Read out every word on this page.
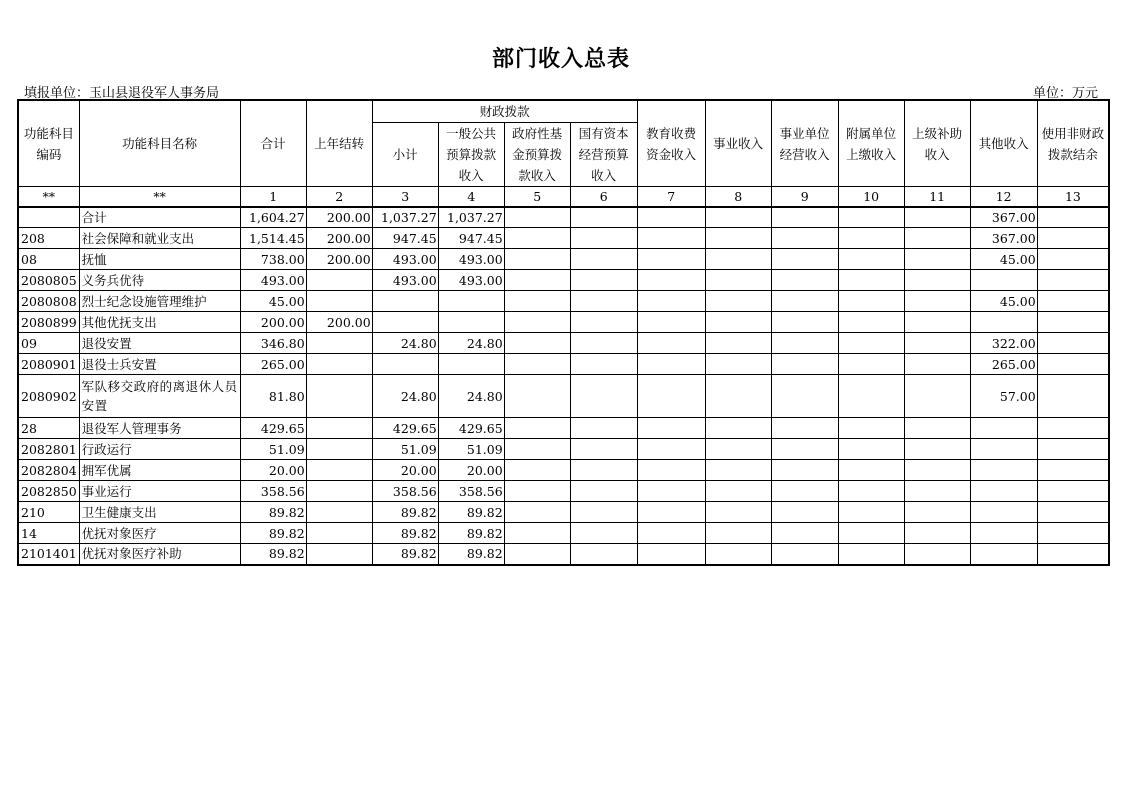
部门收入总表
填报单位：玉山县退役军人事务局	单位：万元
功能科目编码	功能科目名称	合计	上年结转	财政拨款				教育收费资金收入	事业收入	事业单位经营收入	附属单位上缴收入	上级补助收入	其他收入	使用非财政拨款结余
				小计	一般公共预算拨款收入	政府性基金预算拨款收入	国有资本经营预算收入							
**	**	1	2	3	4	5	6	7	8	9	10	11	12	13
	合计	1,604.27	200.00	1,037.27	1,037.27								367.00	
208	社会保障和就业支出	1,514.45	200.00	947.45	947.45								367.00	
08	抚恤	738.00	200.00	493.00	493.00								45.00	
2080805	义务兵优待	493.00		493.00	493.00									
2080808	烈士纪念设施管理维护	45.00											45.00	
2080899	其他优抚支出	200.00	200.00											
09	退役安置	346.80		24.80	24.80								322.00	
2080901	退役士兵安置	265.00											265.00	
2080902	军队移交政府的离退休人员安置	81.80		24.80	24.80								57.00	
28	退役军人管理事务	429.65		429.65	429.65									
2082801	行政运行	51.09		51.09	51.09									
2082804	拥军优属	20.00		20.00	20.00									
2082850	事业运行	358.56		358.56	358.56									
210	卫生健康支出	89.82		89.82	89.82									
14	优抚对象医疗	89.82		89.82	89.82									
2101401	优抚对象医疗补助	89.82		89.82	89.82									
